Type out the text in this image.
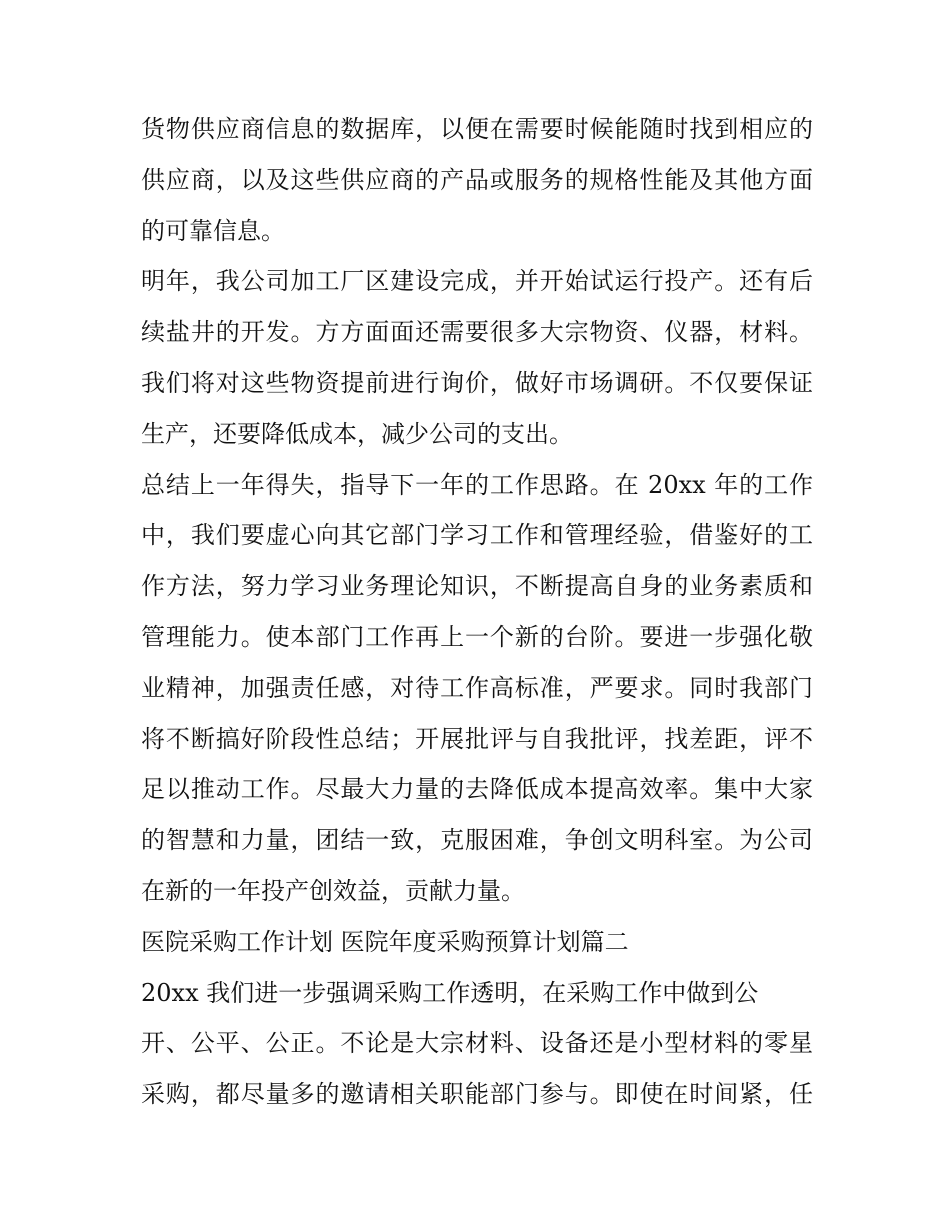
货物供应商信息的数据库，以便在需要时候能随时找到相应的
供应商，以及这些供应商的产品或服务的规格性能及其他方面
的可靠信息。
明年，我公司加工厂区建设完成，并开始试运行投产。还有后
续盐井的开发。方方面面还需要很多大宗物资、仪器，材料。
我们将对这些物资提前进行询价，做好市场调研。不仅要保证
生产，还要降低成本，减少公司的支出。
总结上一年得失，指导下一年的工作思路。在 20xx 年的工作
中，我们要虚心向其它部门学习工作和管理经验，借鉴好的工
作方法，努力学习业务理论知识，不断提高自身的业务素质和
管理能力。使本部门工作再上一个新的台阶。要进一步强化敬
业精神，加强责任感，对待工作高标准，严要求。同时我部门
将不断搞好阶段性总结；开展批评与自我批评，找差距，评不
足以推动工作。尽最大力量的去降低成本提高效率。集中大家
的智慧和力量，团结一致，克服困难，争创文明科室。为公司
在新的一年投产创效益，贡献力量。
医院采购工作计划 医院年度采购预算计划篇二
20xx 我们进一步强调采购工作透明，在采购工作中做到公
开、公平、公正。不论是大宗材料、设备还是小型材料的零星
采购，都尽量多的邀请相关职能部门参与。即使在时间紧，任
